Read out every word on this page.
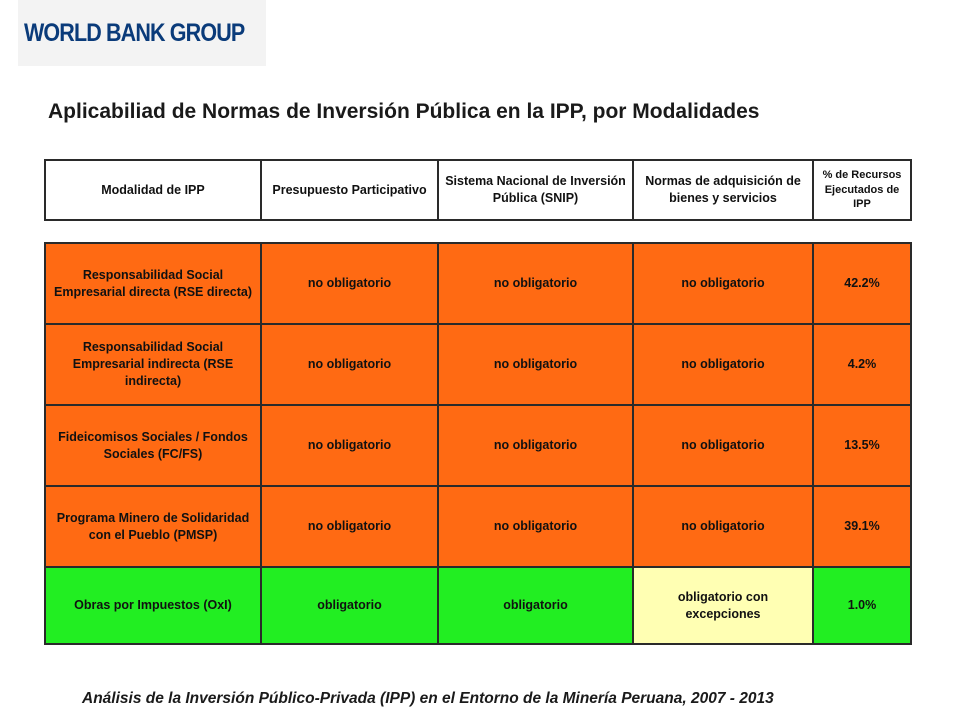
WORLD BANK GROUP
Aplicabiliad de Normas de Inversión Pública en la IPP, por Modalidades
Modalidad de IPP	Presupuesto Participativo	Sistema Nacional de Inversión Pública (SNIP)	Normas de adquisición de bienes y servicios	% de Recursos Ejecutados de IPP
Responsabilidad Social Empresarial directa (RSE directa)	no obligatorio	no obligatorio	no obligatorio	42.2%
Responsabilidad Social Empresarial indirecta (RSE indirecta)	no obligatorio	no obligatorio	no obligatorio	4.2%
Fideicomisos Sociales / Fondos Sociales (FC/FS)	no obligatorio	no obligatorio	no obligatorio	13.5%
Programa Minero de Solidaridad con el Pueblo (PMSP)	no obligatorio	no obligatorio	no obligatorio	39.1%
Obras por Impuestos (OxI)	obligatorio	obligatorio	obligatorio con excepciones	1.0%
Análisis de la Inversión Público-Privada (IPP) en el Entorno de la Minería Peruana, 2007 - 2013
